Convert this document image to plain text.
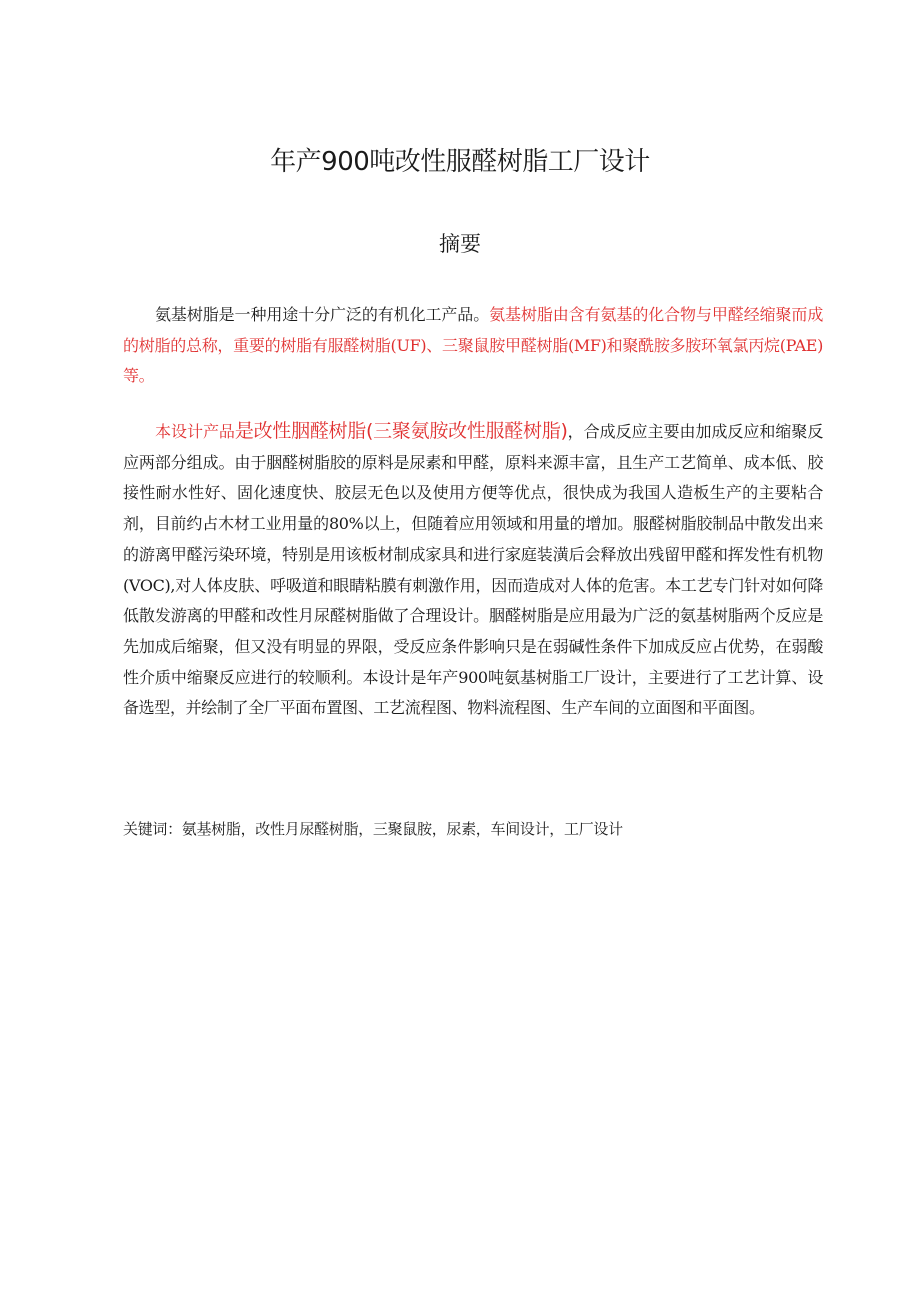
年产900吨改性服醛树脂工厂设计
摘要

氨基树脂是一种用途十分广泛的有机化工产品。氨基树脂由含有氨基的化合物与甲醛经缩聚而成的树脂的总称，重要的树脂有服醛树脂(UF)、三聚鼠胺甲醛树脂(MF)和聚酰胺多胺环氧氯丙烷(PAE)等。

本设计产品是改性胭醛树脂(三聚氨胺改性服醛树脂)，合成反应主要由加成反应和缩聚反应两部分组成。由于胭醛树脂胶的原料是尿素和甲醛，原料来源丰富，且生产工艺简单、成本低、胶接性耐水性好、固化速度快、胶层无色以及使用方便等优点，很快成为我国人造板生产的主要粘合剂，目前约占木材工业用量的80%以上，但随着应用领域和用量的增加。服醛树脂胶制品中散发出来的游离甲醛污染环境，特别是用该板材制成家具和进行家庭装潢后会释放出残留甲醛和挥发性有机物(VOC),对人体皮肤、呼吸道和眼睛粘膜有刺激作用，因而造成对人体的危害。本工艺专门针对如何降低散发游离的甲醛和改性月尿醛树脂做了合理设计。胭醛树脂是应用最为广泛的氨基树脂两个反应是先加成后缩聚，但又没有明显的界限，受反应条件影响只是在弱碱性条件下加成反应占优势，在弱酸性介质中缩聚反应进行的较顺利。本设计是年产900吨氨基树脂工厂设计，主要进行了工艺计算、设备选型，并绘制了全厂平面布置图、工艺流程图、物料流程图、生产车间的立面图和平面图。

关键词：氨基树脂，改性月尿醛树脂，三聚鼠胺，尿素，车间设计，工厂设计
